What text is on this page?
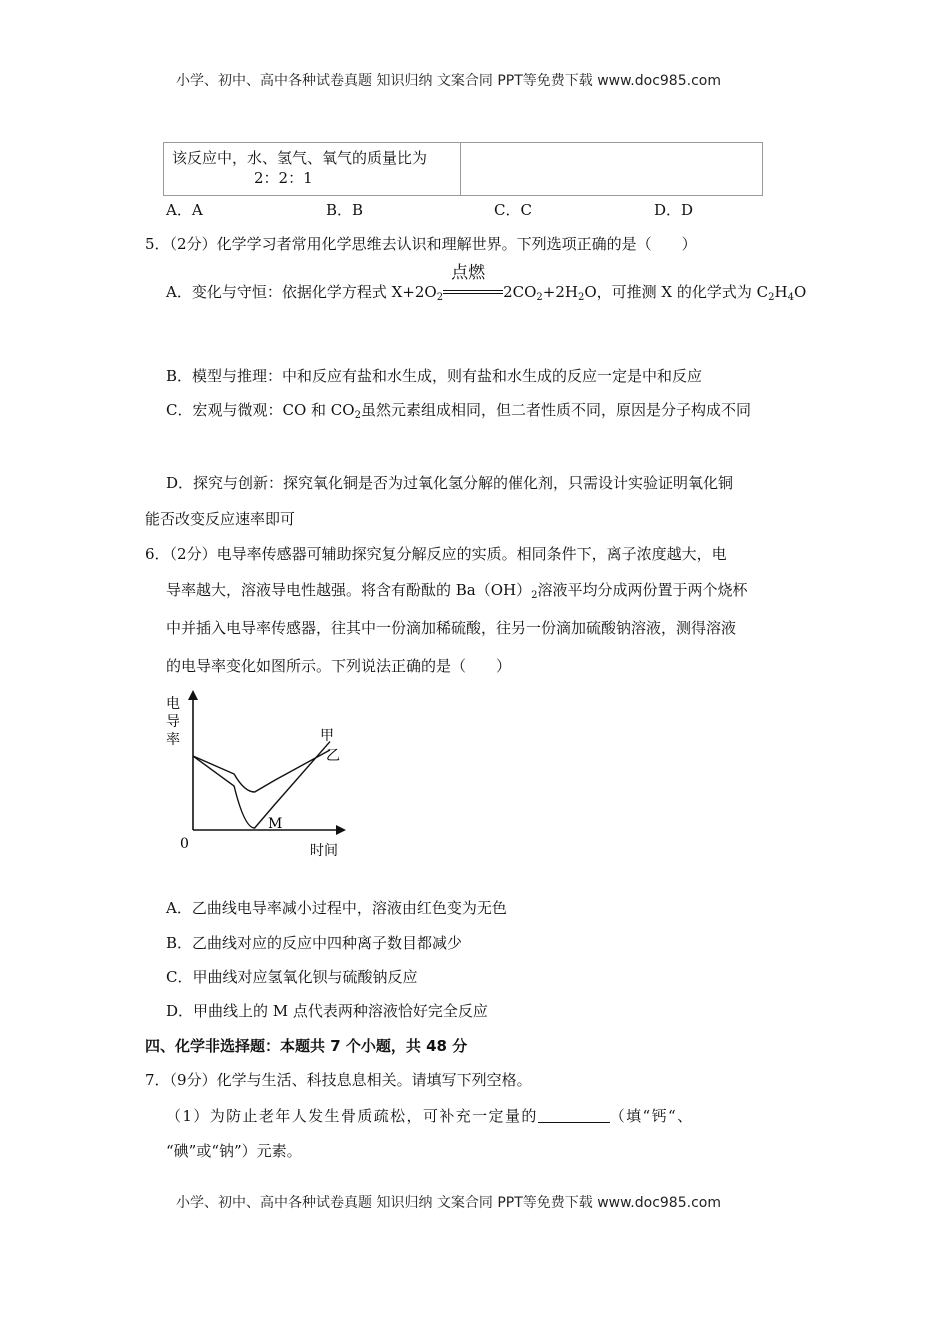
小学、初中、高中各种试卷真题 知识归纳 文案合同 PPT等免费下载 www.doc985.com
该反应中，水、氢气、氧气的质量比为
2：2：1
A．A	B．B	C．C	D．D
5．（2分）化学学习者常用化学思维去认识和理解世界。下列选项正确的是（　　）
A．变化与守恒：依据化学方程式 $X+2O_2$
点燃
$2CO_2+2H_2O$，可推测 X 的化学式为 $C_2H_4O$
B．模型与推理：中和反应有盐和水生成，则有盐和水生成的反应一定是中和反应
C．宏观与微观：CO 和 $CO_2$虽然元素组成相同，但二者性质不同，原因是分子构成不同
D．探究与创新：探究氧化铜是否为过氧化氢分解的催化剂，只需设计实验证明氧化铜
能否改变反应速率即可
6．（2分）电导率传感器可辅助探究复分解反应的实质。相同条件下，离子浓度越大，电
导率越大，溶液导电性越强。将含有酚酞的 $Ba(OH)_2$溶液平均分成两份置于两个烧杯
中并插入电导率传感器，往其中一份滴加稀硫酸，往另一份滴加硫酸钠溶液，测得溶液
的电导率变化如图所示。下列说法正确的是（　　）
电
导
率
0	时间
甲
乙
M
A．乙曲线电导率减小过程中，溶液由红色变为无色
B．乙曲线对应的反应中四种离子数目都减少
C．甲曲线对应氢氧化钡与硫酸钠反应
D．甲曲线上的 M 点代表两种溶液恰好完全反应
四、化学非选择题：本题共 7 个小题，共 48 分
7．（9分）化学与生活、科技息息相关。请填写下列空格。
（1）为防止老年人发生骨质疏松，可补充一定量的	（填“钙“、
“碘”或“钠”）元素。
小学、初中、高中各种试卷真题 知识归纳 文案合同 PPT等免费下载 www.doc985.com
